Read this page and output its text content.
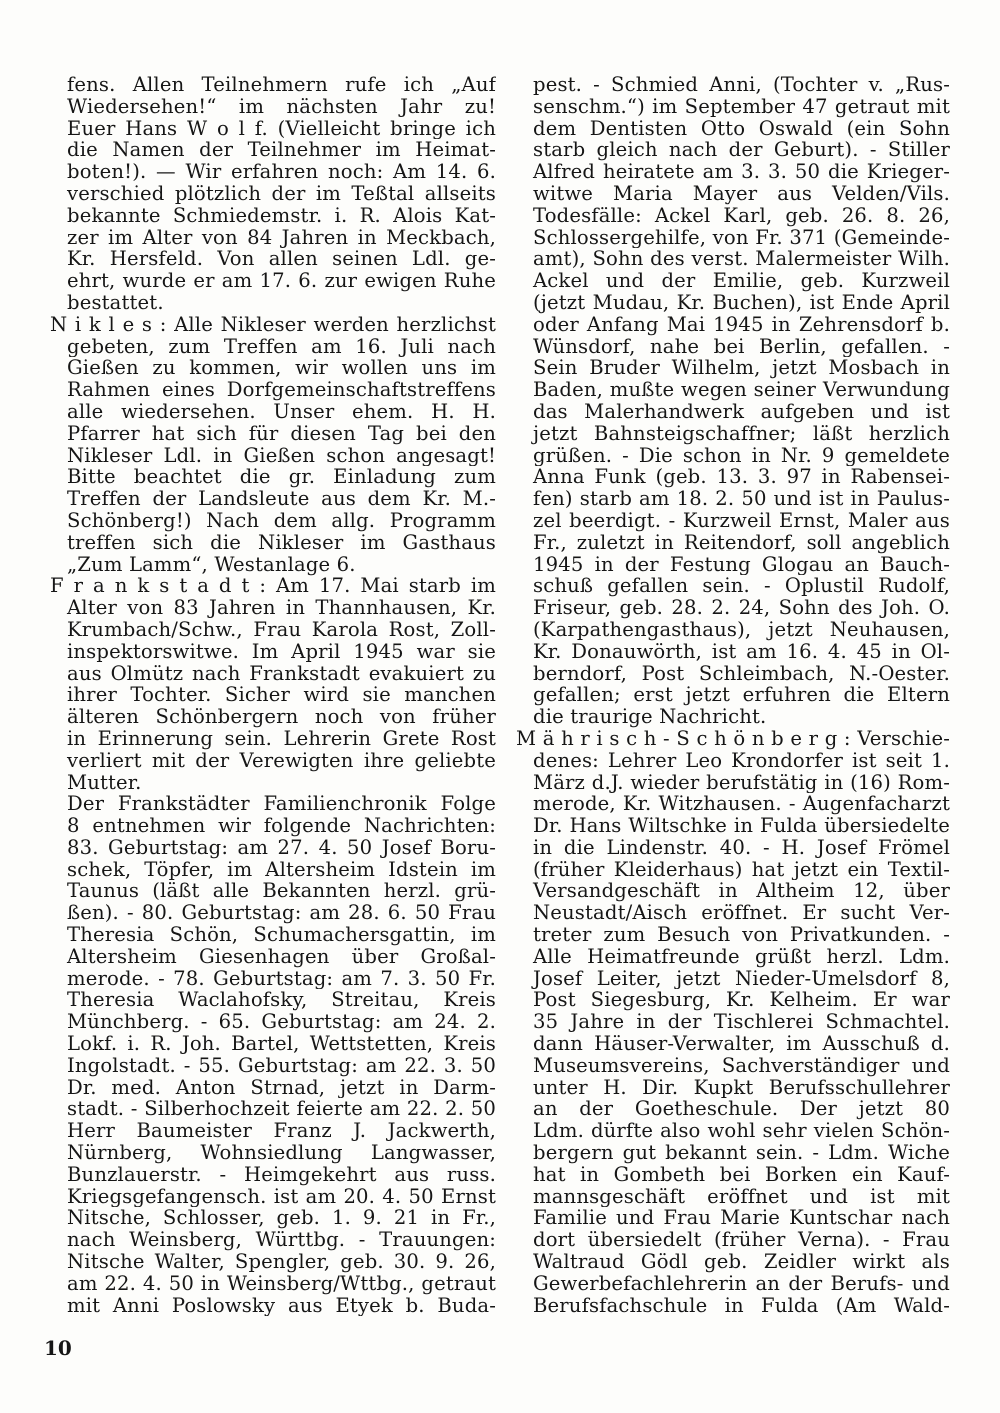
fens. Allen Teilnehmern rufe ich „Auf
Wiedersehen!“ im nächsten Jahr zu!
Euer Hans W o l f. (Vielleicht bringe ich
die Namen der Teilnehmer im Heimat-
boten!). — Wir erfahren noch: Am 14. 6.
verschied plötzlich der im Teßtal allseits
bekannte Schmiedemstr. i. R. Alois Kat-
zer im Alter von 84 Jahren in Meckbach,
Kr. Hersfeld. Von allen seinen Ldl. ge-
ehrt, wurde er am 17. 6. zur ewigen Ruhe
bestattet.
N i k l e s : Alle Nikleser werden herzlichst
gebeten, zum Treffen am 16. Juli nach
Gießen zu kommen, wir wollen uns im
Rahmen eines Dorfgemeinschaftstreffens
alle wiedersehen. Unser ehem. H. H.
Pfarrer hat sich für diesen Tag bei den
Nikleser Ldl. in Gießen schon angesagt!
Bitte beachtet die gr. Einladung zum
Treffen der Landsleute aus dem Kr. M.-
Schönberg!) Nach dem allg. Programm
treffen sich die Nikleser im Gasthaus
„Zum Lamm“, Westanlage 6.
F r a n k s t a d t : Am 17. Mai starb im
Alter von 83 Jahren in Thannhausen, Kr.
Krumbach/Schw., Frau Karola Rost, Zoll-
inspektorswitwe. Im April 1945 war sie
aus Olmütz nach Frankstadt evakuiert zu
ihrer Tochter. Sicher wird sie manchen
älteren Schönbergern noch von früher
in Erinnerung sein. Lehrerin Grete Rost
verliert mit der Verewigten ihre geliebte
Mutter.
Der Frankstädter Familienchronik Folge
8 entnehmen wir folgende Nachrichten:
83. Geburtstag: am 27. 4. 50 Josef Boru-
schek, Töpfer, im Altersheim Idstein im
Taunus (läßt alle Bekannten herzl. grü-
ßen). - 80. Geburtstag: am 28. 6. 50 Frau
Theresia Schön, Schumachersgattin, im
Altersheim Giesenhagen über Großal-
merode. - 78. Geburtstag: am 7. 3. 50 Fr.
Theresia Waclahofsky, Streitau, Kreis
Münchberg. - 65. Geburtstag: am 24. 2.
Lokf. i. R. Joh. Bartel, Wettstetten, Kreis
Ingolstadt. - 55. Geburtstag: am 22. 3. 50
Dr. med. Anton Strnad, jetzt in Darm-
stadt. - Silberhochzeit feierte am 22. 2. 50
Herr Baumeister Franz J. Jackwerth,
Nürnberg, Wohnsiedlung Langwasser,
Bunzlauerstr. - Heimgekehrt aus russ.
Kriegsgefangensch. ist am 20. 4. 50 Ernst
Nitsche, Schlosser, geb. 1. 9. 21 in Fr.,
nach Weinsberg, Württbg. - Trauungen:
Nitsche Walter, Spengler, geb. 30. 9. 26,
am 22. 4. 50 in Weinsberg/Wttbg., getraut
mit Anni Poslowsky aus Etyek b. Buda-
pest. - Schmied Anni, (Tochter v. „Rus-
senschm.“) im September 47 getraut mit
dem Dentisten Otto Oswald (ein Sohn
starb gleich nach der Geburt). - Stiller
Alfred heiratete am 3. 3. 50 die Krieger-
witwe Maria Mayer aus Velden/Vils.
Todesfälle: Ackel Karl, geb. 26. 8. 26,
Schlossergehilfe, von Fr. 371 (Gemeinde-
amt), Sohn des verst. Malermeister Wilh.
Ackel und der Emilie, geb. Kurzweil
(jetzt Mudau, Kr. Buchen), ist Ende April
oder Anfang Mai 1945 in Zehrensdorf b.
Wünsdorf, nahe bei Berlin, gefallen. -
Sein Bruder Wilhelm, jetzt Mosbach in
Baden, mußte wegen seiner Verwundung
das Malerhandwerk aufgeben und ist
jetzt Bahnsteigschaffner; läßt herzlich
grüßen. - Die schon in Nr. 9 gemeldete
Anna Funk (geb. 13. 3. 97 in Rabensei-
fen) starb am 18. 2. 50 und ist in Paulus-
zel beerdigt. - Kurzweil Ernst, Maler aus
Fr., zuletzt in Reitendorf, soll angeblich
1945 in der Festung Glogau an Bauch-
schuß gefallen sein. - Oplustil Rudolf,
Friseur, geb. 28. 2. 24, Sohn des Joh. O.
(Karpathengasthaus), jetzt Neuhausen,
Kr. Donauwörth, ist am 16. 4. 45 in Ol-
berndorf, Post Schleimbach, N.-Oester.
gefallen; erst jetzt erfuhren die Eltern
die traurige Nachricht.
M ä h r i s c h - S c h ö n b e r g : Verschie-
denes: Lehrer Leo Krondorfer ist seit 1.
März d.J. wieder berufstätig in (16) Rom-
merode, Kr. Witzhausen. - Augenfacharzt
Dr. Hans Wiltschke in Fulda übersiedelte
in die Lindenstr. 40. - H. Josef Frömel
(früher Kleiderhaus) hat jetzt ein Textil-
Versandgeschäft in Altheim 12, über
Neustadt/Aisch eröffnet. Er sucht Ver-
treter zum Besuch von Privatkunden. -
Alle Heimatfreunde grüßt herzl. Ldm.
Josef Leiter, jetzt Nieder-Umelsdorf 8,
Post Siegesburg, Kr. Kelheim. Er war
35 Jahre in der Tischlerei Schmachtel.
dann Häuser-Verwalter, im Ausschuß d.
Museumsvereins, Sachverständiger und
unter H. Dir. Kupkt Berufsschullehrer
an der Goetheschule. Der jetzt 80
Ldm. dürfte also wohl sehr vielen Schön-
bergern gut bekannt sein. - Ldm. Wiche
hat in Gombeth bei Borken ein Kauf-
mannsgeschäft eröffnet und ist mit
Familie und Frau Marie Kuntschar nach
dort übersiedelt (früher Verna). - Frau
Waltraud Gödl geb. Zeidler wirkt als
Gewerbefachlehrerin an der Berufs- und
Berufsfachschule in Fulda (Am Wald-
10
